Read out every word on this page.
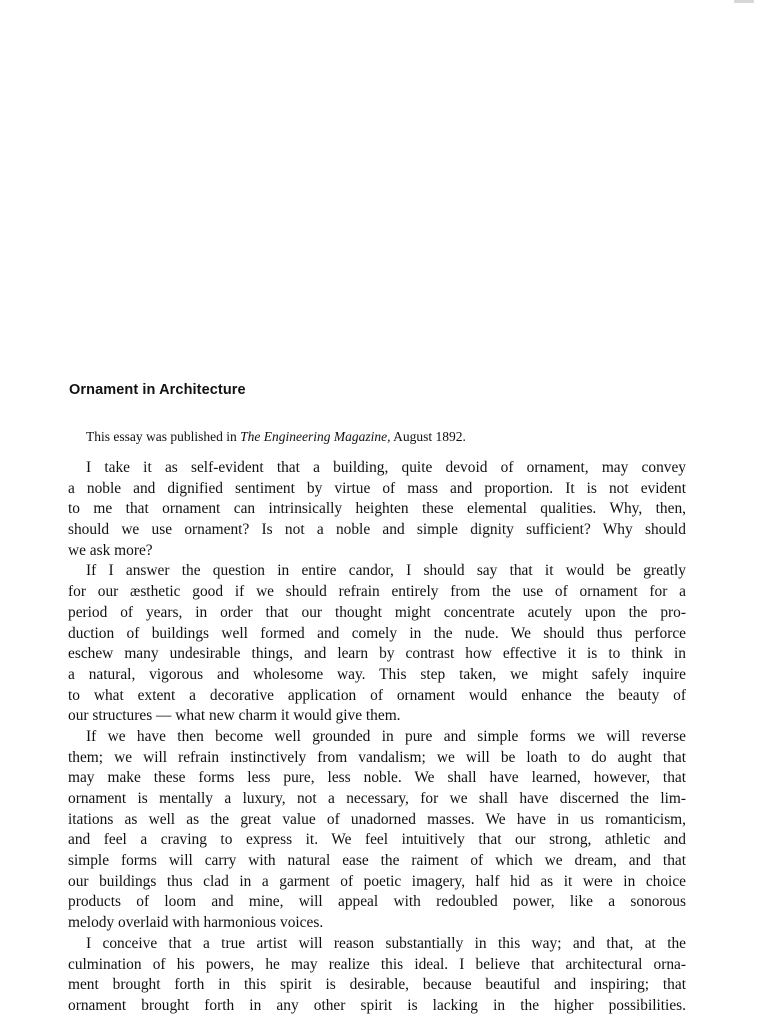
Ornament in Architecture

This essay was published in The Engineering Magazine, August 1892.

I take it as self-evident that a building, quite devoid of ornament, may convey
a noble and dignified sentiment by virtue of mass and proportion. It is not evident
to me that ornament can intrinsically heighten these elemental qualities. Why, then,
should we use ornament? Is not a noble and simple dignity sufficient? Why should
we ask more?
If I answer the question in entire candor, I should say that it would be greatly
for our æsthetic good if we should refrain entirely from the use of ornament for a
period of years, in order that our thought might concentrate acutely upon the pro-
duction of buildings well formed and comely in the nude. We should thus perforce
eschew many undesirable things, and learn by contrast how effective it is to think in
a natural, vigorous and wholesome way. This step taken, we might safely inquire
to what extent a decorative application of ornament would enhance the beauty of
our structures — what new charm it would give them.
If we have then become well grounded in pure and simple forms we will reverse
them; we will refrain instinctively from vandalism; we will be loath to do aught that
may make these forms less pure, less noble. We shall have learned, however, that
ornament is mentally a luxury, not a necessary, for we shall have discerned the lim-
itations as well as the great value of unadorned masses. We have in us romanticism,
and feel a craving to express it. We feel intuitively that our strong, athletic and
simple forms will carry with natural ease the raiment of which we dream, and that
our buildings thus clad in a garment of poetic imagery, half hid as it were in choice
products of loom and mine, will appeal with redoubled power, like a sonorous
melody overlaid with harmonious voices.
I conceive that a true artist will reason substantially in this way; and that, at the
culmination of his powers, he may realize this ideal. I believe that architectural orna-
ment brought forth in this spirit is desirable, because beautiful and inspiring; that
ornament brought forth in any other spirit is lacking in the higher possibilities.
